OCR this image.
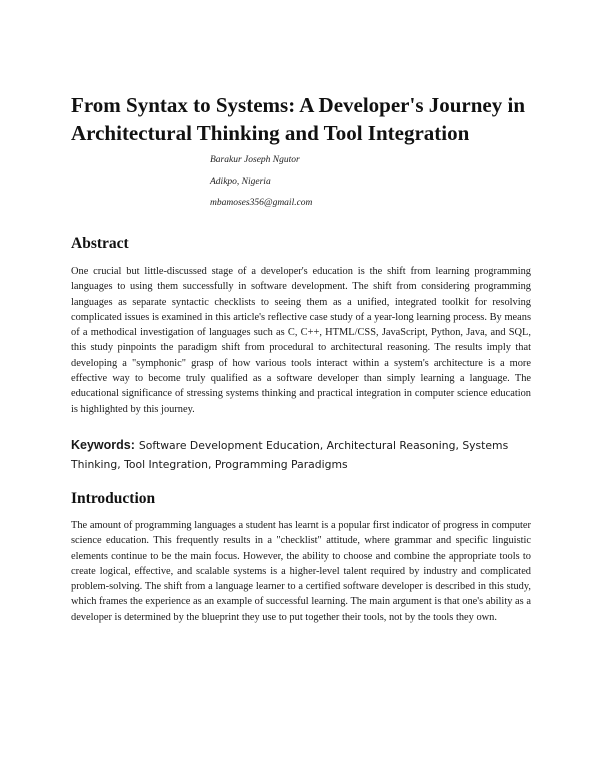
From Syntax to Systems: A Developer's Journey in Architectural Thinking and Tool Integration
Barakur Joseph Ngutor
Adikpo, Nigeria
mbamoses356@gmail.com
Abstract

One crucial but little-discussed stage of a developer's education is the shift from learning programming languages to using them successfully in software development. The shift from considering programming languages as separate syntactic checklists to seeing them as a unified, integrated toolkit for resolving complicated issues is examined in this article's reflective case study of a year-long learning process. By means of a methodical investigation of languages such as C, C++, HTML/CSS, JavaScript, Python, Java, and SQL, this study pinpoints the paradigm shift from procedural to architectural reasoning. The results imply that developing a "symphonic" grasp of how various tools interact within a system's architecture is a more effective way to become truly qualified as a software developer than simply learning a language. The educational significance of stressing systems thinking and practical integration in computer science education is highlighted by this journey.

Keywords: Software Development Education, Architectural Reasoning, Systems Thinking, Tool Integration, Programming Paradigms

Introduction

The amount of programming languages a student has learnt is a popular first indicator of progress in computer science education. This frequently results in a "checklist" attitude, where grammar and specific linguistic elements continue to be the main focus. However, the ability to choose and combine the appropriate tools to create logical, effective, and scalable systems is a higher-level talent required by industry and complicated problem-solving. The shift from a language learner to a certified software developer is described in this study, which frames the experience as an example of successful learning. The main argument is that one's ability as a developer is determined by the blueprint they use to put together their tools, not by the tools they own.
